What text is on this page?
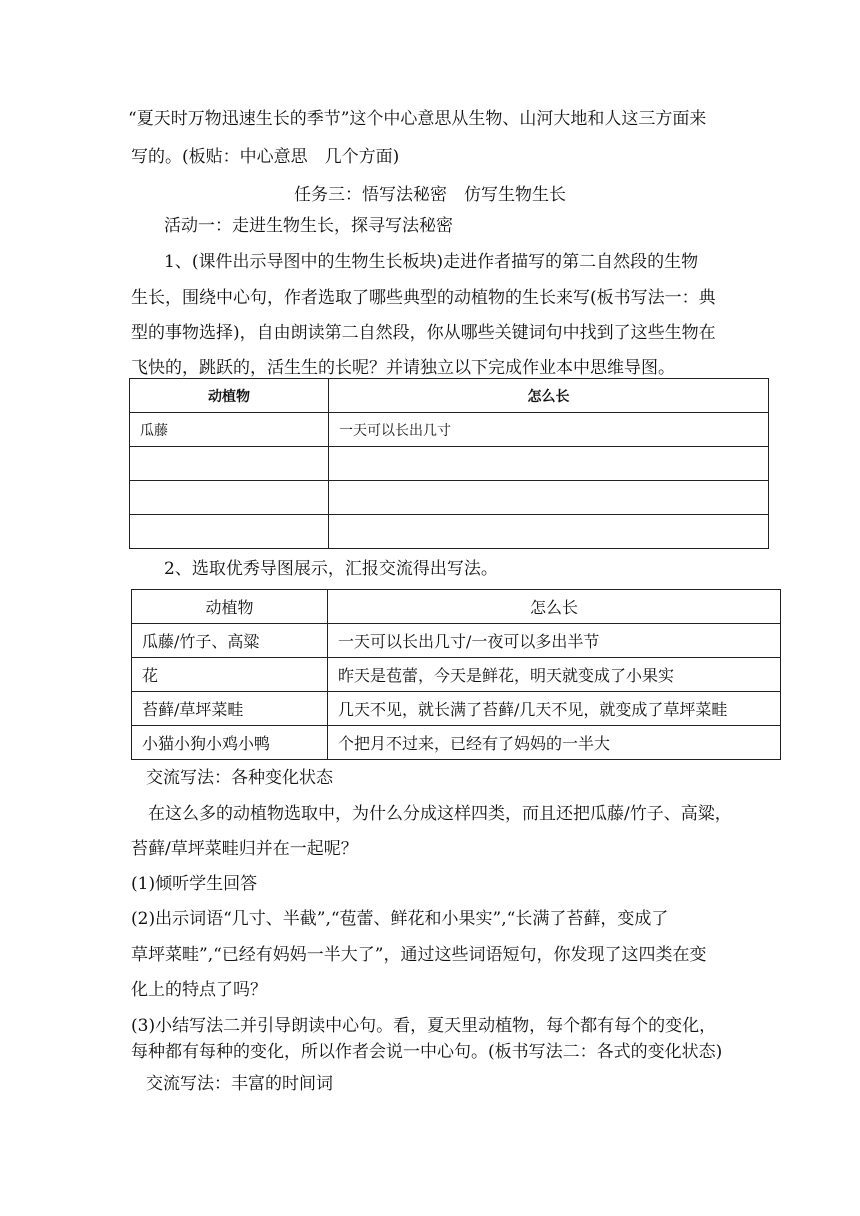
“夏天时万物迅速生长的季节”这个中心意思从生物、山河大地和人这三方面来
写的。(板贴：中心意思　几个方面)
任务三：悟写法秘密　仿写生物生长
活动一：走进生物生长，探寻写法秘密
1、(课件出示导图中的生物生长板块)走进作者描写的第二自然段的生物
生长，围绕中心句，作者选取了哪些典型的动植物的生长来写(板书写法一：典
型的事物选择)，自由朗读第二自然段，你从哪些关键词句中找到了这些生物在
飞快的，跳跃的，活生生的长呢？并请独立以下完成作业本中思维导图。
动植物	怎么长
瓜藤	一天可以长出几寸

2、选取优秀导图展示，汇报交流得出写法。
动植物	怎么长
瓜藤/竹子、高粱	一天可以长出几寸/一夜可以多出半节
花	昨天是苞蕾，今天是鲜花，明天就变成了小果实
苔藓/草坪菜畦	几天不见，就长满了苔藓/几天不见，就变成了草坪菜畦
小猫小狗小鸡小鸭	个把月不过来，已经有了妈妈的一半大
交流写法：各种变化状态
在这么多的动植物选取中，为什么分成这样四类，而且还把瓜藤/竹子、高粱，
苔藓/草坪菜畦归并在一起呢？
(1)倾听学生回答
(2)出示词语“几寸、半截”,“苞蕾、鲜花和小果实”,“长满了苔藓，变成了
草坪菜畦”,“已经有妈妈一半大了”，通过这些词语短句，你发现了这四类在变
化上的特点了吗？
(3)小结写法二并引导朗读中心句。看，夏天里动植物，每个都有每个的变化，
每种都有每种的变化，所以作者会说一中心句。(板书写法二：各式的变化状态)
交流写法：丰富的时间词
